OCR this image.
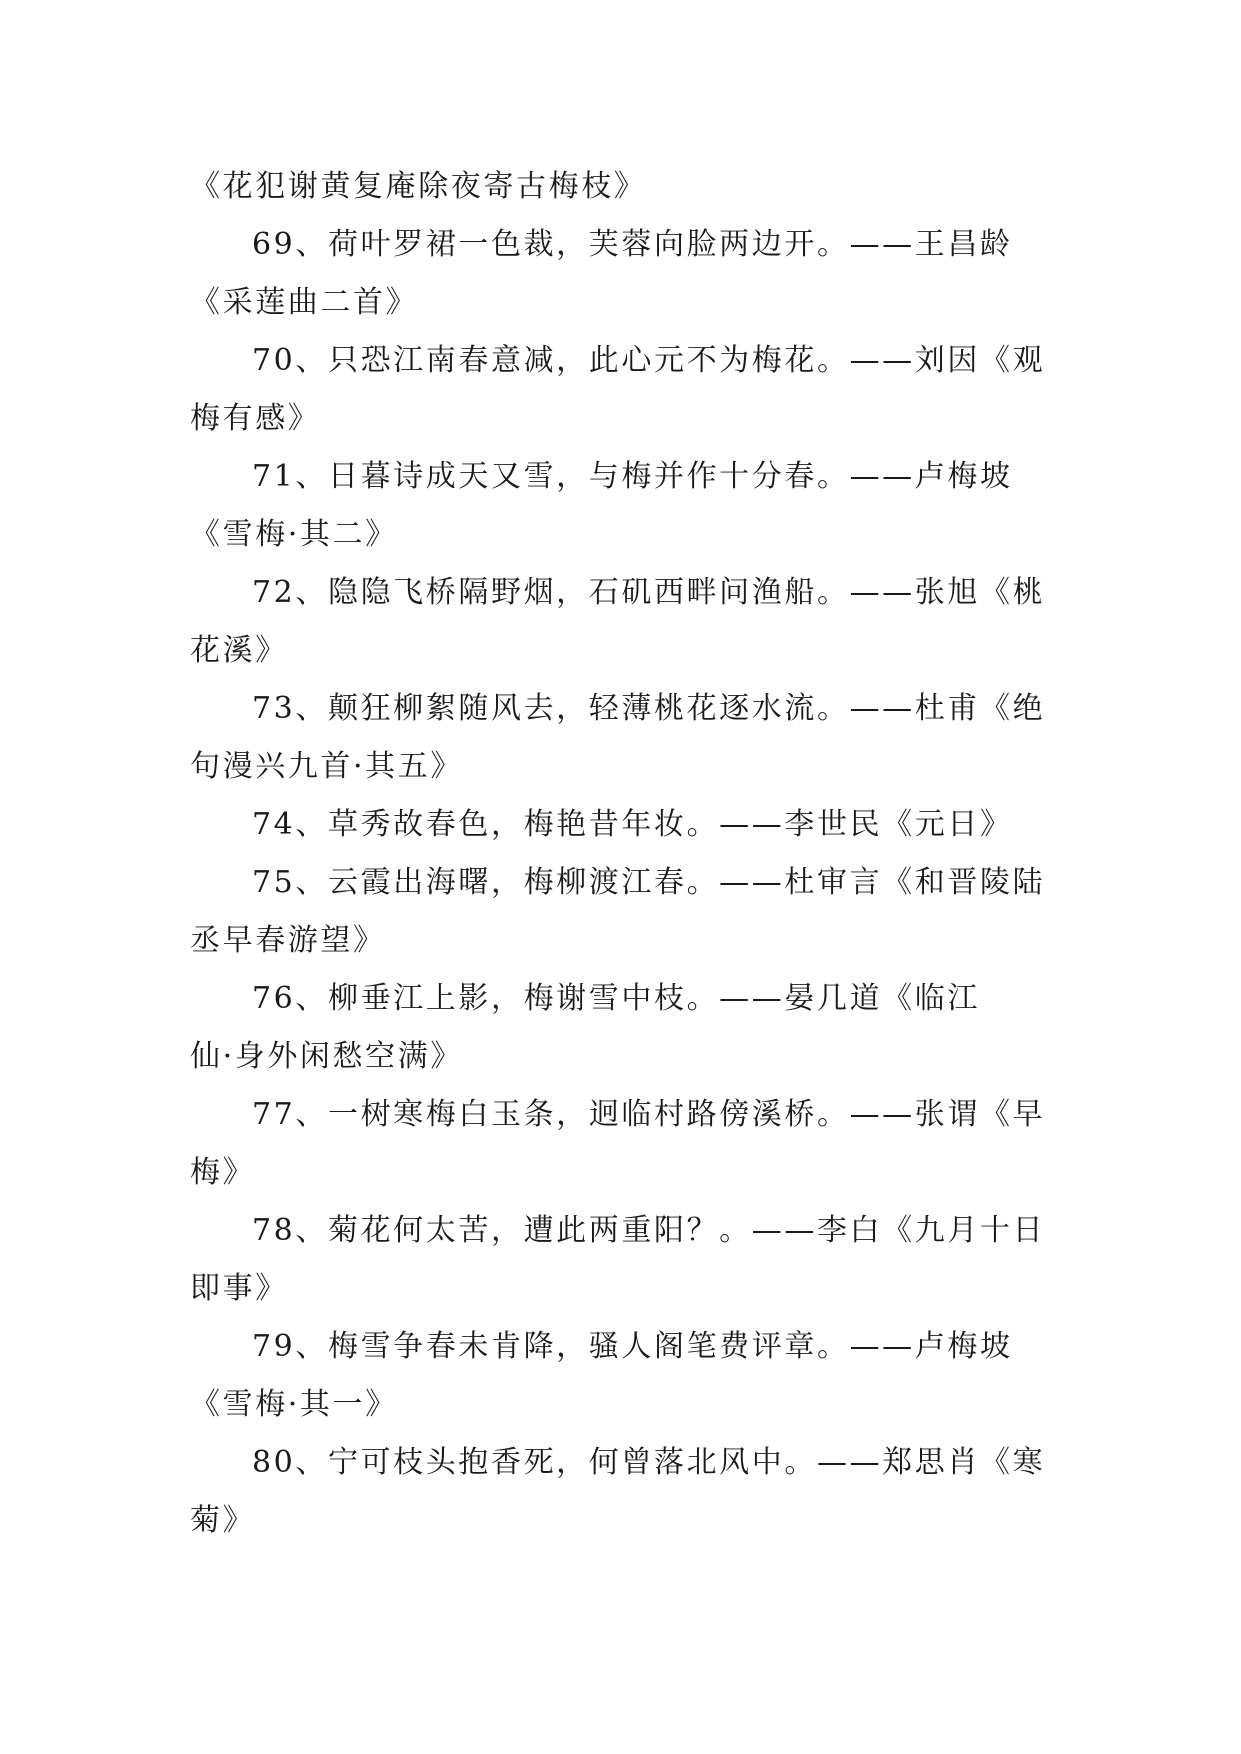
《花犯谢黄复庵除夜寄古梅枝》
69、荷叶罗裙一色裁，芙蓉向脸两边开。——王昌龄
《采莲曲二首》
70、只恐江南春意减，此心元不为梅花。——刘因《观
梅有感》
71、日暮诗成天又雪，与梅并作十分春。——卢梅坡
《雪梅·其二》
72、隐隐飞桥隔野烟，石矶西畔问渔船。——张旭《桃
花溪》
73、颠狂柳絮随风去，轻薄桃花逐水流。——杜甫《绝
句漫兴九首·其五》
74、草秀故春色，梅艳昔年妆。——李世民《元日》
75、云霞出海曙，梅柳渡江春。——杜审言《和晋陵陆
丞早春游望》
76、柳垂江上影，梅谢雪中枝。——晏几道《临江
仙·身外闲愁空满》
77、一树寒梅白玉条，迥临村路傍溪桥。——张谓《早
梅》
78、菊花何太苦，遭此两重阳？。——李白《九月十日
即事》
79、梅雪争春未肯降，骚人阁笔费评章。——卢梅坡
《雪梅·其一》
80、宁可枝头抱香死，何曾落北风中。——郑思肖《寒
菊》
